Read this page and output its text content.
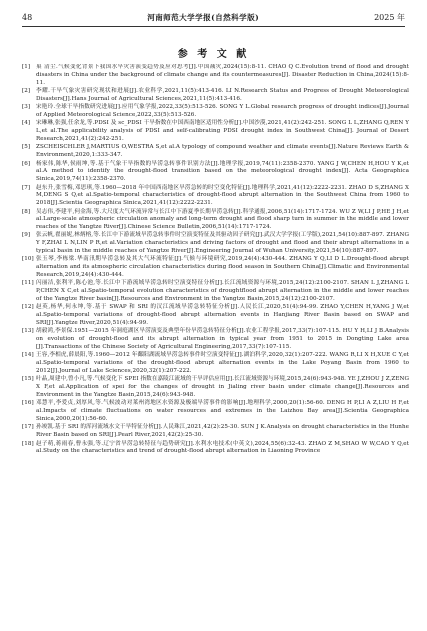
48	河南师范大学学报(自然科学版)	2025 年
参 考 文 献
[1]	巢 清尘.气候变化背景下我国水旱灾害演变趋势及应对思考[J].中国减灾,2024(15):8-11. CHAO Q C.Evolution trend of flood and drought disasters in China under the background of climate change and its countermeasures[J]. Disaster Reduction in China,2024(15):8-11.
[2]	李耀.干旱气象灾害研究现状和进展[J].农业科学,2021,11(5):413-416. LI N.Research Status and Progress of Drought Meteorological Disasters[J].Hans Journal of Agricultural Sciences,2021,11(5):413-416.
[3]	宋艳玲.全球干旱指数研究进展[J].应用气象学报,2022,33(5):513-526. SONG Y L.Global research progress of drought indices[J].Journal of Applied Meteorological Science,2022,33(5):513-526.
[4]	宋琳琳,张强,任余龙,等.PDSI 及 sc_PDSI 干旱指数在中国西南地区适用性分析[J].中国沙漠,2021,41(2):242-251. SONG L L,ZHANG Q,REN Y L,et al.The applicability analysis of PDSI and self-calibrating PDSI drought index in Southwest China[J]. Journal of Desert Research,2021,41(2):242-251.
[5]	ZSCHEISCHLER J,MARTIUS O,WESTRA S,et al.A typology of compound weather and climate events[J].Nature Reviews Earth & Environment,2020,1:333-347.
[6]	杨家伟,陈华,侯雨坤,等.基于气象干旱指数的旱涝急转事件识别方法[J].地理学报,2019,74(11):2358-2370. YANG J W,CHEN H,HOU Y K,et al.A method to identify the drought-flood transition based on the meteorological drought index[J]. Acta Geographica Sinica,2019,74(11):2358-2370.
[7]	赵东升,张雪梅,邓思琪,等.1960—2018 年中国西南地区旱涝急转的时空变化特征[J].地理科学,2021,41(12):2222-2231. ZHAO D S,ZHANG X M,DENG S Q,et al.Spatio-temporal characteristics of drought-flood abrupt alternation in the Southwest China from 1960 to 2018[J].Scientia Geographica Sinica,2021,41(12):2222-2231.
[8]	吴志伟,李建平,何金海,等.大尺度大气环流异常与长江中下游夏季长期旱涝急转[J].科学通报,2006,51(14):1717-1724. WU Z W,LI J P,HE J H,et al.Large-scale atmospheric circulation anomaly and long-term drought and flood sharp turn in summer in the middle and lower reaches of the Yangtze River[J].Chinese Science Bulletin,2006,51(14):1717-1724.
[9]	张云帆,翟丽妮,林炳榕,等.长江中下游流域旱涝急转事件时空演变特征及其驱动因子研究[J].武汉大学学报(工学版),2021,54(10):887-897. ZHANG Y F,ZHAI L N,LIN P R,et al.Variation characteristics and driving factors of drought and flood and their abrupt alternations in a typical basin in the middle reaches of Yangtze River[J].Engineering Journal of Wuhan University,2021,54(10):887-897.
[10] 张玉琴,李栋梁.华南汛期旱涝急转及其大气环流特征[J].气候与环境研究,2019,24(4):430-444. ZHANG Y Q,LI D L.Drought-flood abrupt alternation and its atmospheric circulation characteristics during flood season in Southern China[J].Climatic and Environmental Research,2019,24(4):430-444.
[11] 闪丽洁,张利平,陈心池,等.长江中下游流域旱涝急转时空演变特征分析[J].长江流域资源与环境,2015,24(12):2100-2107. SHAN L J,ZHANG L P,CHEN X C,et al.Spatio-temporal evolution characteristics of droughtflood abrupt alternation in the middle and lower reaches of the Yangtze River basin[J].Resources and Environment in the Yangtze Basin,2015,24(12):2100-2107.
[12] 赵英,杨华,何永坤,等.基于 SWAP 和 SRI 的汉江流域旱涝急转特征分析[J].人民长江,2020,51(4):94-99. ZHAO Y,CHEN H,YANG J W,et al.Spatio-temporal variations of drought-flood abrupt alternation events in Hanjiang River Basin based on SWAP and SRI[J].Yangtze River,2020,51(4):94-99.
[13] 胡毅鸿,李景保.1951—2015 年洞庭湖区旱涝演变及典型年份旱涝急转特征分析[J].农业工程学报,2017,33(7):107-115. HU Y H,LI J B.Analysis on evolution of drought-flood and its abrupt alternation in typical year from 1951 to 2015 in Dongting Lake area [J].Transactions of the Chinese Society of Agricultural Engineering,2017,33(7):107-115.
[14] 王容,李相虎,薛晨阳,等.1960—2012 年鄱阳湖流域旱涝急转事件时空演变特征[J].湖泊科学,2020,32(1):207-222. WANG R,LI X H,XUE C Y,et al.Spatio-temporal variations of the drought-flood abrupt alternation events in the Lake Poyang Basin from 1960 to 2012[J].Journal of Lake Sciences,2020,32(1):207-222.
[15] 叶晶,周建中,曾小凡,等.气候变化下 SPEI 指数在嘉陵江流域的干旱评估应用[J].长江流域资源与环境,2015,24(6):943-948. YE J,ZHOU J Z,ZENG X F,et al.Application of spei for the changes of drought in Jialing river basin under climate change[J].Resources and Environment in the Yangtze Basin,2015,24(6):943-948.
[16] 邓慧平,李爱贞,刘厚风,等.气候波动对莱州湾地区水资源及极端旱涝事件的影响[J].地理科学,2000,20(1):56-60. DENG H P,LI A Z,LIU H F,et al.Impacts of climate fluctuations on water resources and extremes in the Laizhou Bay area[J].Scientia Geographica Sinica,2000,20(1):56-60.
[17] 孙竣凯.基于 SRI 的浑河流域水文干旱特征分析[J].人民珠江,2021,42(2):25-30. SUN J K.Analysis on drought characteristics in the Hunhe River Basin based on SRI[J].Pearl River,2021,42(2):25-30.
[18] 赵子萌,蒋雨春,曹永强,等.辽宁省旱涝急转特征与趋势研究[J].水利水电技术(中英文),2024,55(6):32-43. ZHAO Z M,SHAO W W,CAO Y Q,et al.Study on the characteristics and trend of drought-flood abrupt alternation in Liaoning Province
